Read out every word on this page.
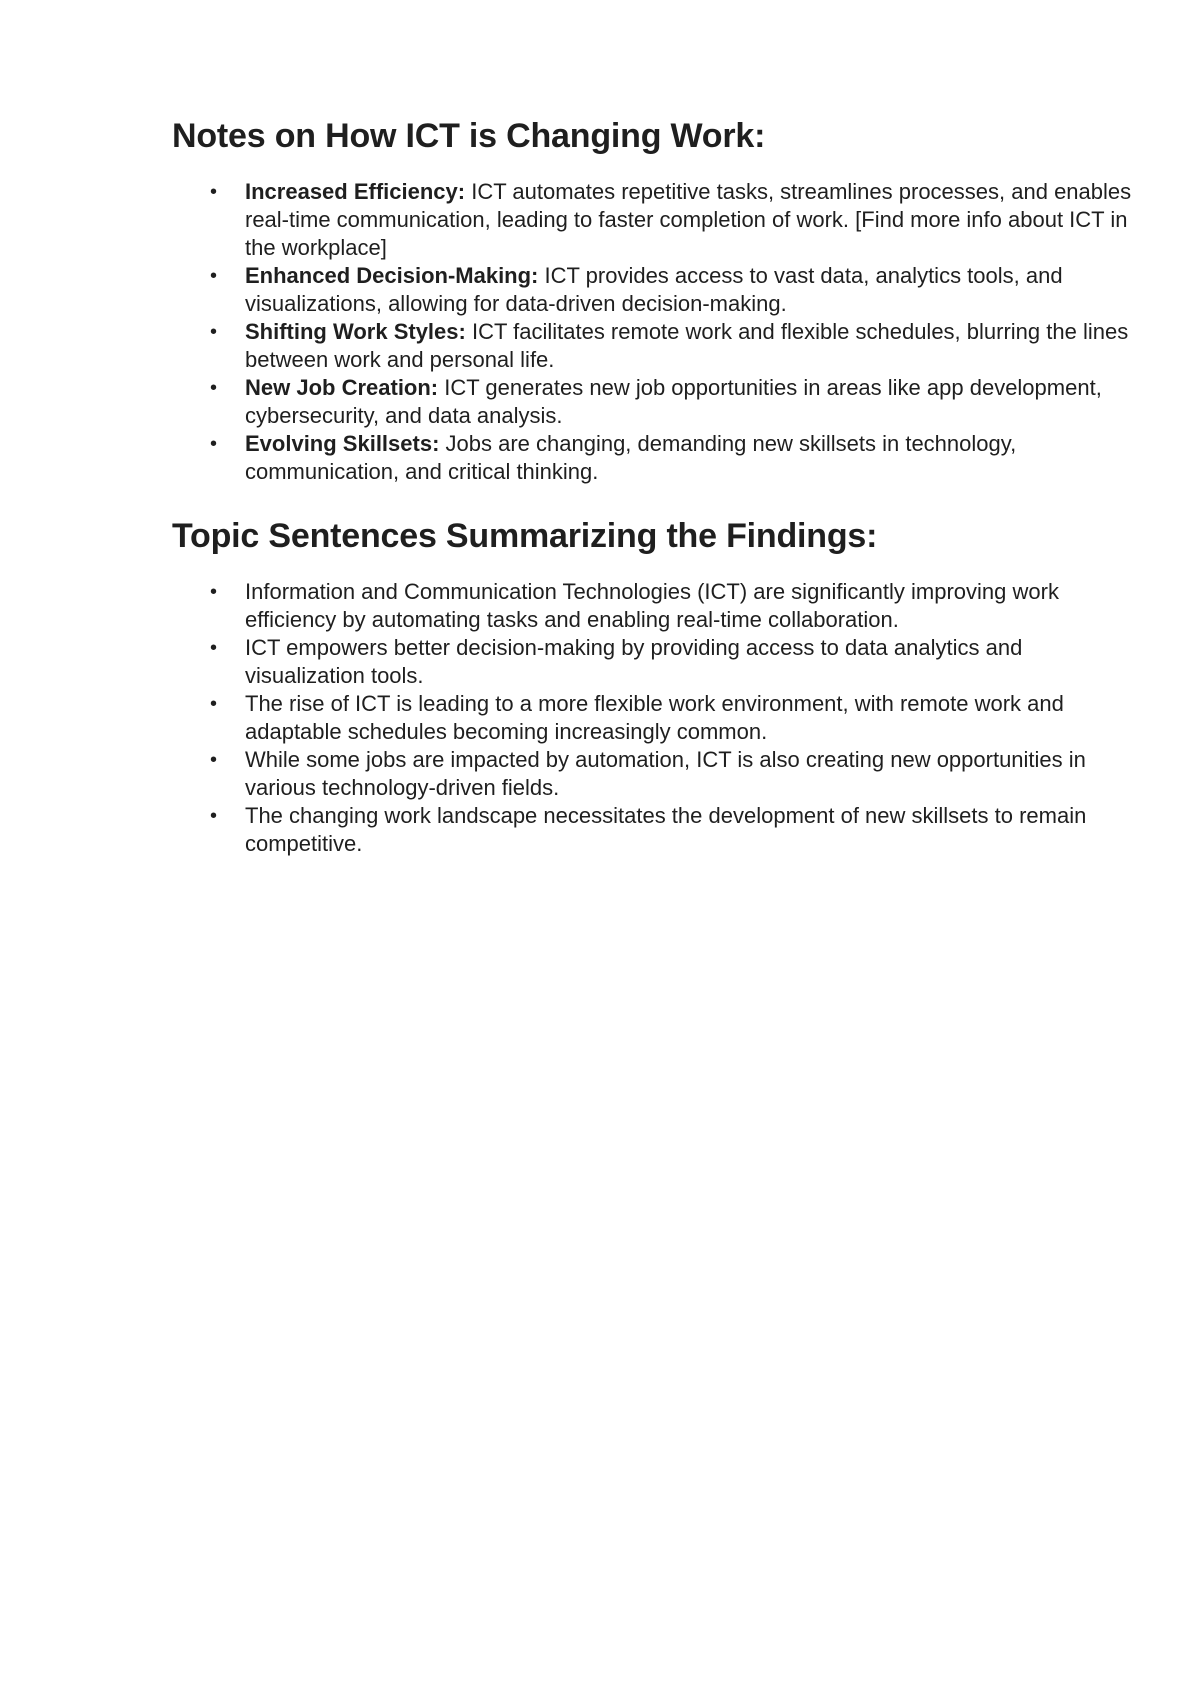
Notes on How ICT is Changing Work:
• Increased Efficiency: ICT automates repetitive tasks, streamlines processes, and enables real-time communication, leading to faster completion of work. [Find more info about ICT in the workplace]
• Enhanced Decision-Making: ICT provides access to vast data, analytics tools, and visualizations, allowing for data-driven decision-making.
• Shifting Work Styles: ICT facilitates remote work and flexible schedules, blurring the lines between work and personal life.
• New Job Creation: ICT generates new job opportunities in areas like app development, cybersecurity, and data analysis.
• Evolving Skillsets: Jobs are changing, demanding new skillsets in technology, communication, and critical thinking.
Topic Sentences Summarizing the Findings:
• Information and Communication Technologies (ICT) are significantly improving work efficiency by automating tasks and enabling real-time collaboration.
• ICT empowers better decision-making by providing access to data analytics and visualization tools.
• The rise of ICT is leading to a more flexible work environment, with remote work and adaptable schedules becoming increasingly common.
• While some jobs are impacted by automation, ICT is also creating new opportunities in various technology-driven fields.
• The changing work landscape necessitates the development of new skillsets to remain competitive.
